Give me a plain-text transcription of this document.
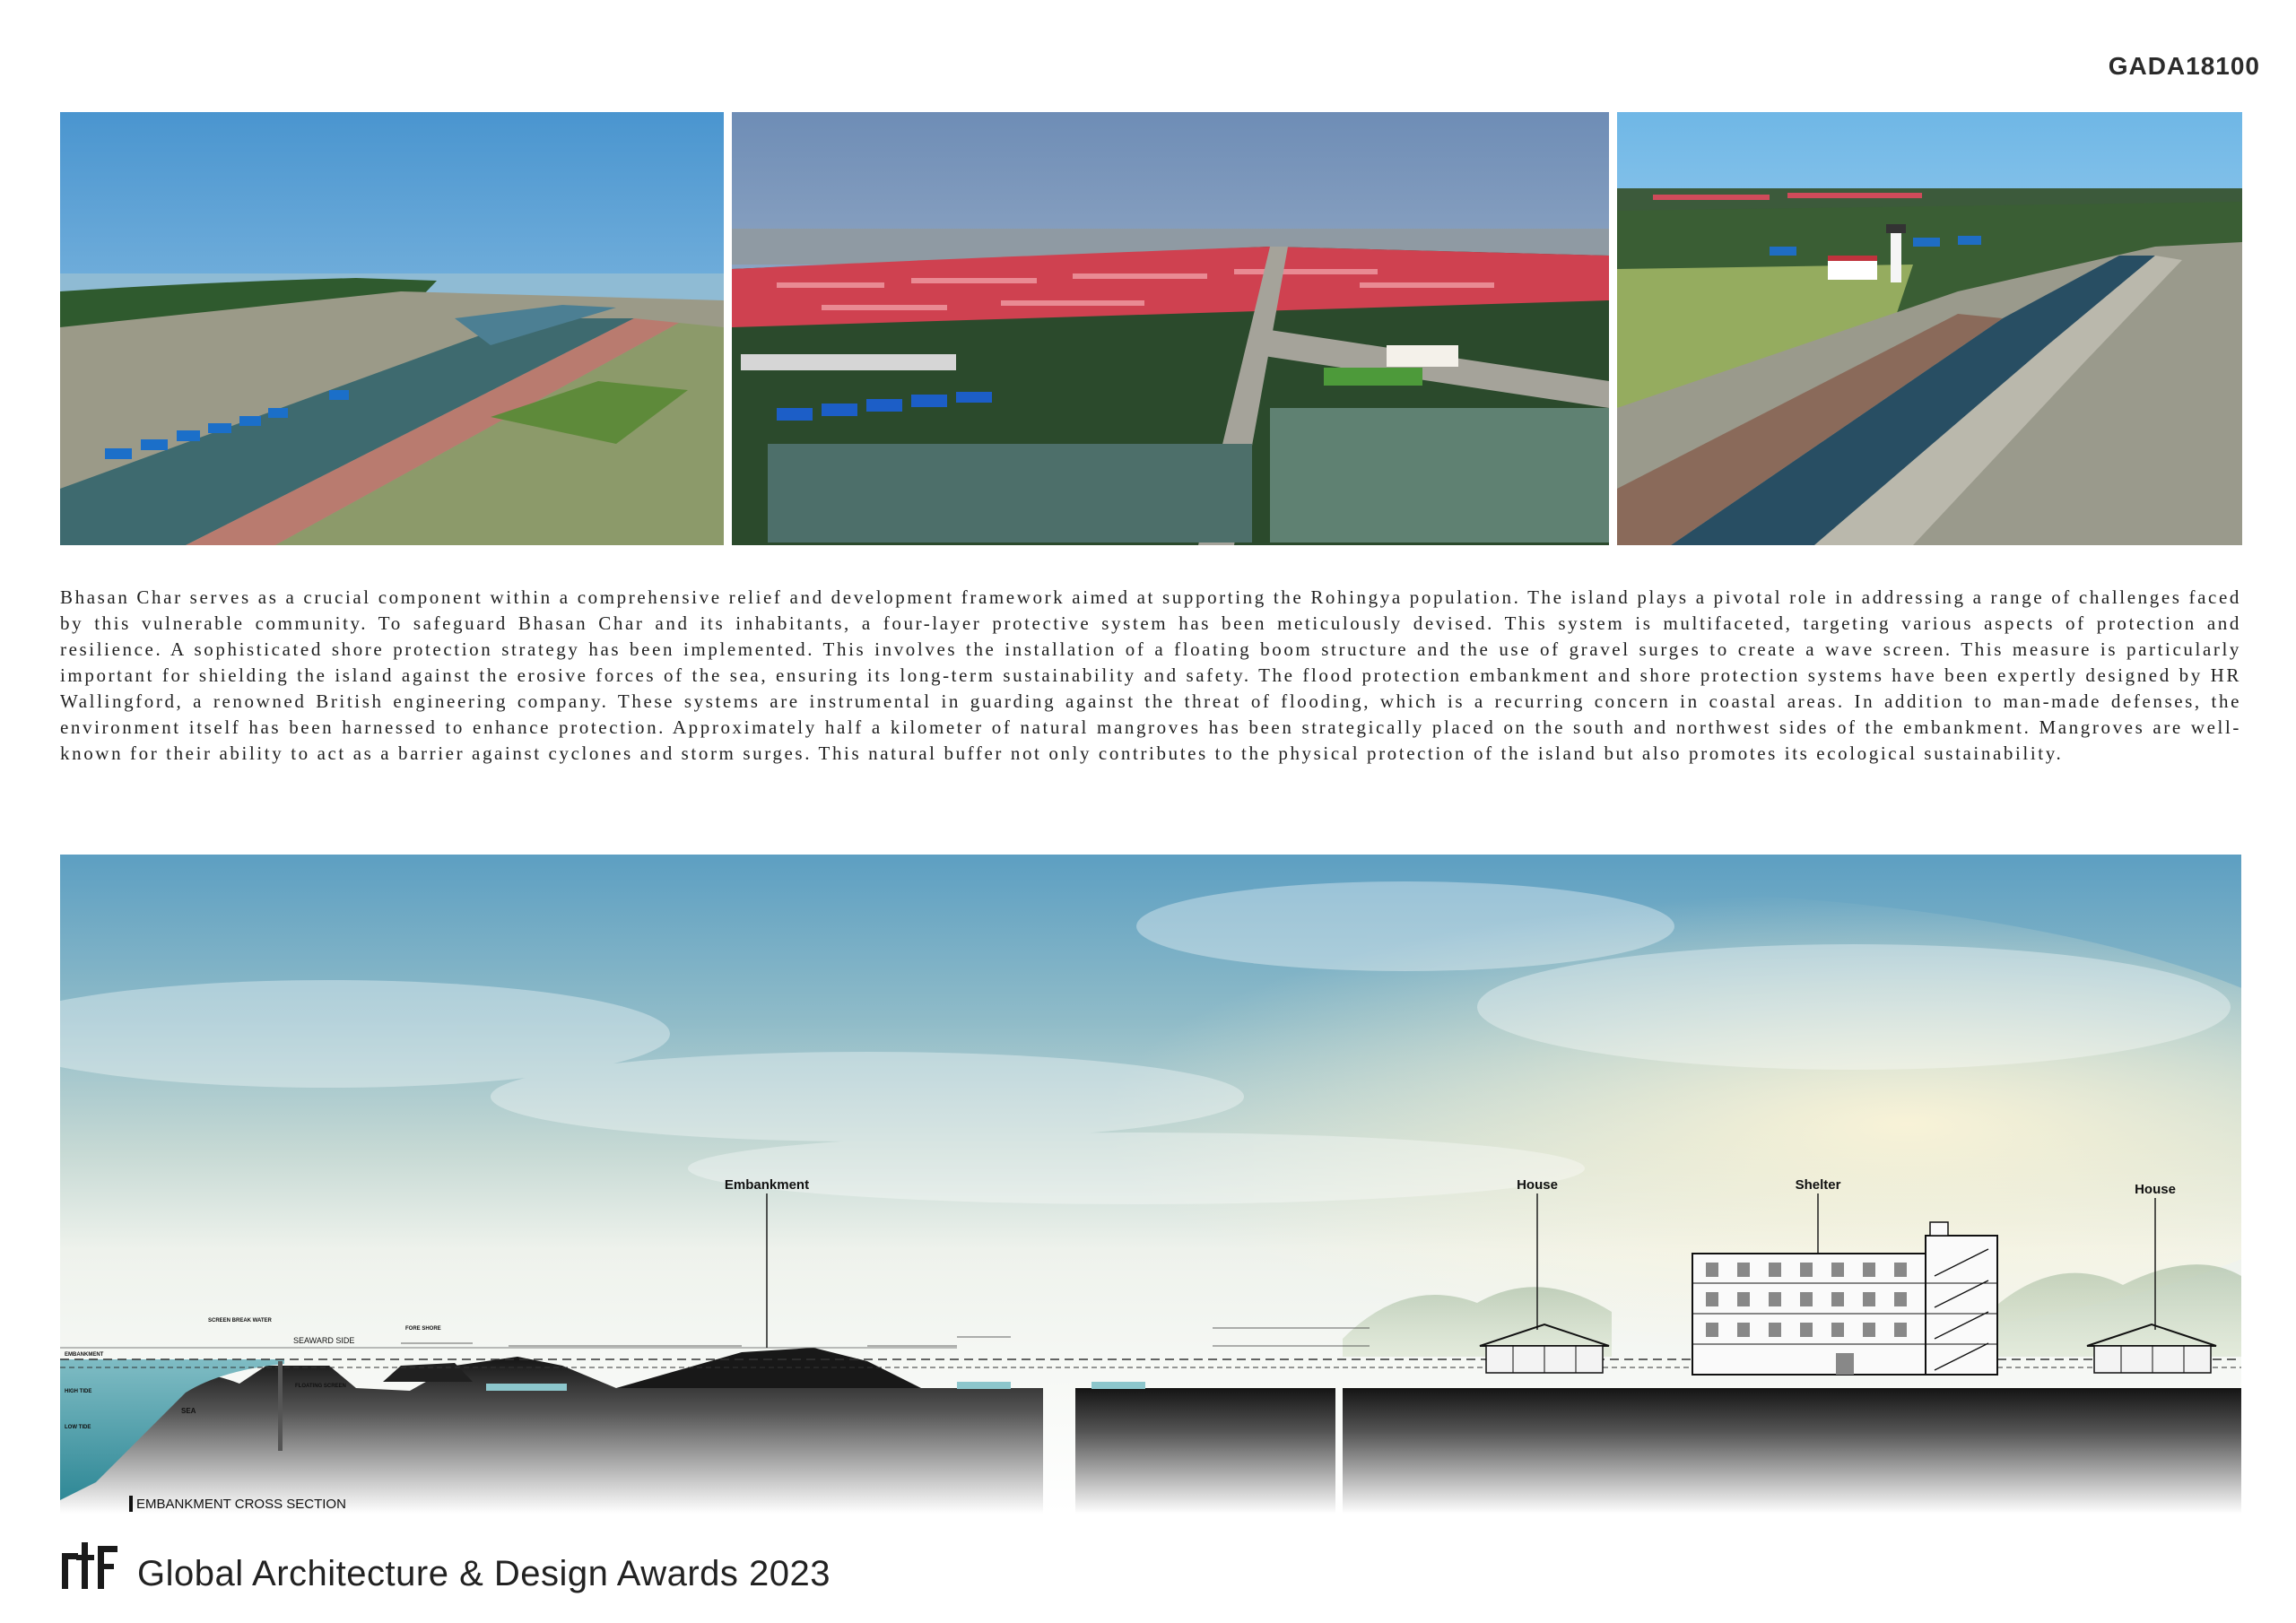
GADA18100
Bhasan Char serves as a crucial component within a comprehensive relief and development framework aimed at supporting the Rohingya population. The island plays a pivotal role in addressing a range of challenges faced by this vulnerable community. To safeguard Bhasan Char and its inhabitants, a four-layer protective system has been meticulously devised. This system is multifaceted, targeting various aspects of protection and resilience. A sophisticated shore protection strategy has been implemented. This involves the installation of a floating boom structure and the use of gravel surges to create a wave screen. This measure is particularly important for shielding the island against the erosive forces of the sea, ensuring its long-term sustainability and safety. The flood protection embankment and shore protection systems have been expertly designed by HR Wallingford, a renowned British engineering company. These systems are instrumental in guarding against the threat of flooding, which is a recurring concern in coastal areas. In addition to man-made defenses, the environment itself has been harnessed to enhance protection. Approximately half a kilometer of natural mangroves has been strategically placed on the south and northwest sides of the embankment. Mangroves are well-known for their ability to act as a barrier against cyclones and storm surges. This natural buffer not only contributes to the physical protection of the island but also promotes its ecological sustainability.
Embankment	House	Shelter	House
SCREEN BREAK WATER
SEAWARD SIDE
FORE SHORE
FLOATING SCREEN
SEA
EMBANKMENT
HIGH TIDE
LOW TIDE
EMBANKMENT CROSS SECTION
Global Architecture & Design Awards 2023
